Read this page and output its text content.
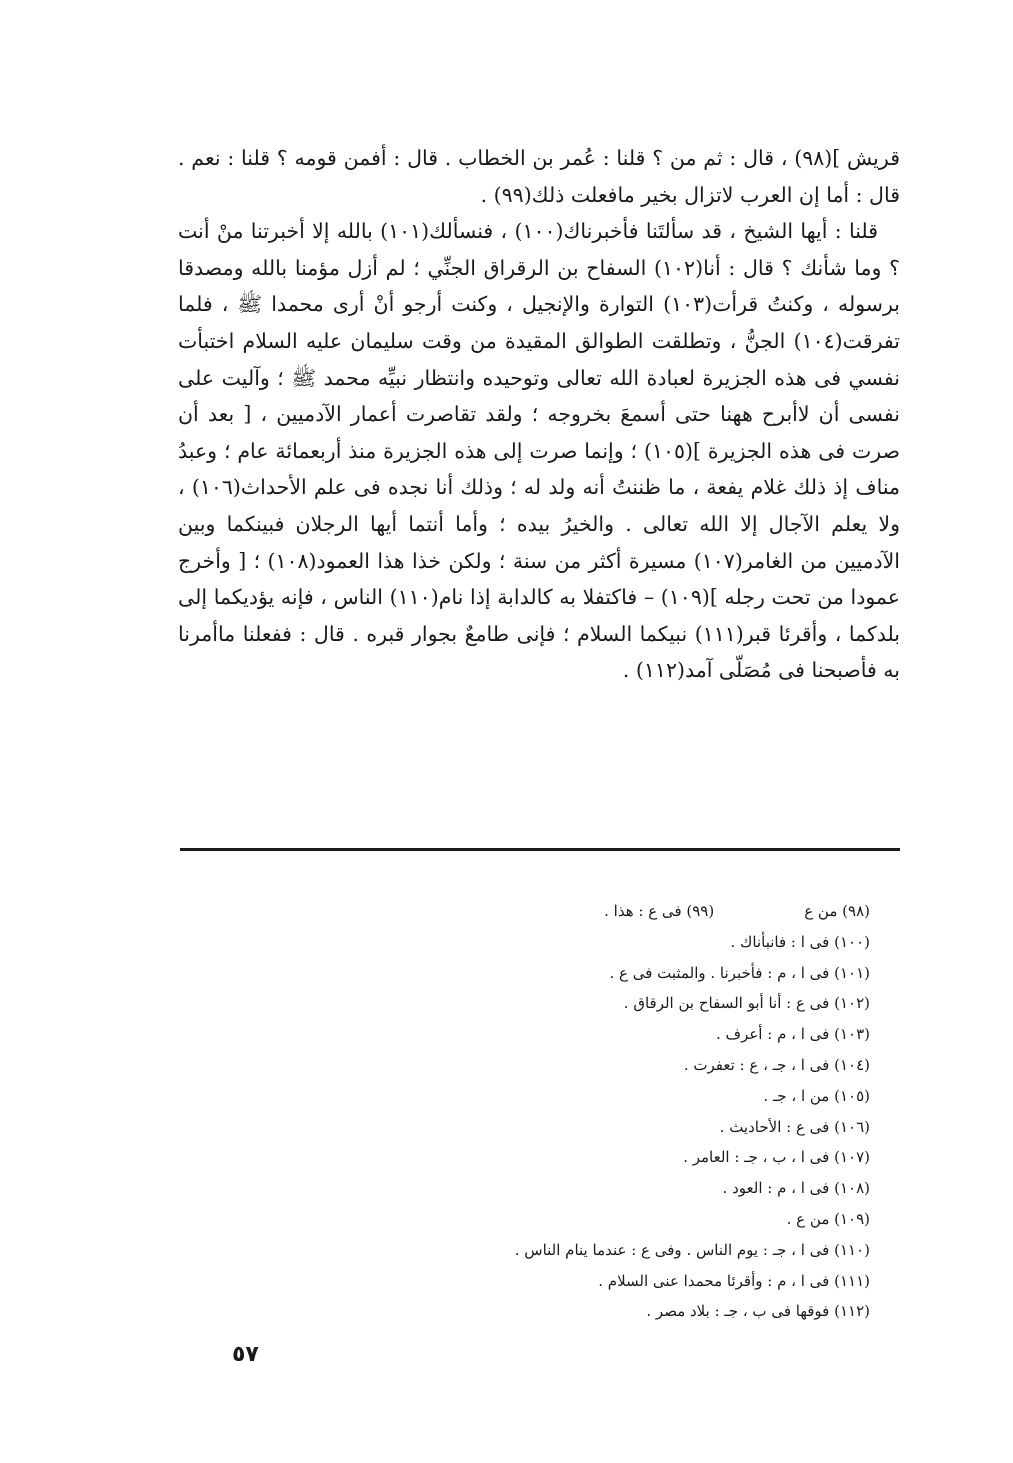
قريش ](٩٨) ، قال : ثم من ؟ قلنا : عُمر بن الخطاب . قال : أفمن قومه ؟ قلنا : نعم . قال : أما إن العرب لاتزال بخير مافعلت ذلك(٩٩) .

قلنا : أيها الشيخ ، قد سألتَنا فأخبرناك(١٠٠) ، فنسألك(١٠١) بالله إلا أخبرتنا منْ أنت ؟ وما شأنك ؟ قال : أنا(١٠٢) السفاح بن الرقراق الجنِّي ؛ لم أزل مؤمنا بالله ومصدقا برسوله ، وكنتُ قرأت(١٠٣) التوارة والإنجيل ، وكنت أرجو أنْ أرى محمدا ﷺ ، فلما تفرقت(١٠٤) الجنُّ ، وتطلقت الطوالق المقيدة من وقت سليمان عليه السلام اختبأت نفسي فى هذه الجزيرة لعبادة الله تعالى وتوحيده وانتظار نبيِّه محمد ﷺ ؛ وآليت على نفسى أن لاأبرح ههنا حتى أسمعَ بخروجه ؛ ولقد تقاصرت أعمار الآدميين ، [ بعد أن صرت فى هذه الجزيرة ](١٠٥) ؛ وإنما صرت إلى هذه الجزيرة منذ أربعمائة عام ؛ وعبدُ مناف إذ ذلك غلام يفعة ، ما ظننتُ أنه ولد له ؛ وذلك أنا نجده فى علم الأحداث(١٠٦) ، ولا يعلم الآجال إلا الله تعالى . والخيرُ بيده ؛ وأما أنتما أيها الرجلان فبينكما وبين الآدميين من الغامر(١٠٧) مسيرة أكثر من سنة ؛ ولكن خذا هذا العمود(١٠٨) ؛ [ وأخرج عمودا من تحت رجله ](١٠٩) – فاكتفلا به كالدابة إذا نام(١١٠) الناس ، فإنه يؤديكما إلى بلدكما ، وأقرئا قبر(١١١) نبيكما السلام ؛ فإنى طامعٌ بجوار قبره . قال : ففعلنا ماأمرنا به فأصبحنا فى مُصَلّى آمد(١١٢) .

(٩٨) من ع(٩٩) فى ع : هذا .
(١٠٠) فى ا : فانبأناك .
(١٠١) فى ا ، م : فأخبرنا . والمثبت فى ع .
(١٠٢) فى ع : أنا أبو السفاح بن الرقاق .
(١٠٣) فى ا ، م : أعرف .
(١٠٤) فى ا ، جـ ، ع : تعفرت .
(١٠٥) من ا ، جـ .
(١٠٦) فى ع : الأحاديث .
(١٠٧) فى ا ، ب ، جـ : العامر .
(١٠٨) فى ا ، م : العود .
(١٠٩) من ع .
(١١٠) فى ا ، جـ : يوم الناس . وفى ع : عندما ينام الناس .
(١١١) فى ا ، م : وأقرئا محمدا عنى السلام .
(١١٢) فوقها فى ب ، جـ : بلاد مصر .
٥٧
